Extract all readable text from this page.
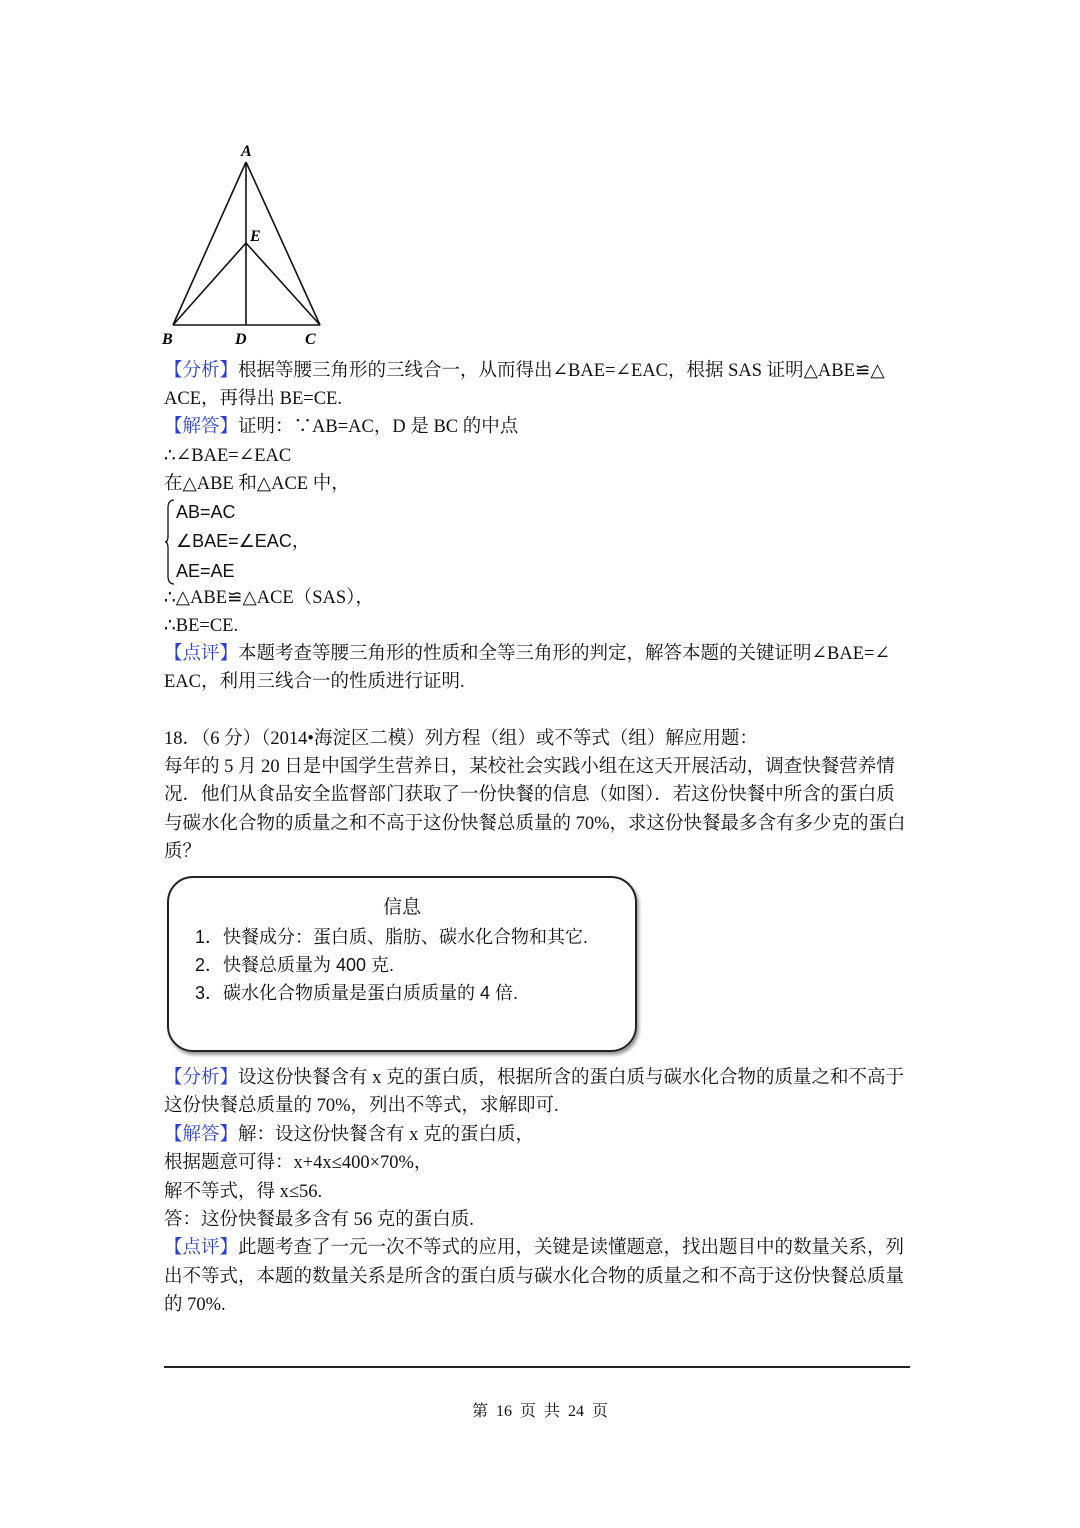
A
E
B	D	C
【分析】根据等腰三角形的三线合一，从而得出∠BAE=∠EAC，根据 SAS 证明△ABE≌△
ACE，再得出 BE=CE.
【解答】证明：∵AB=AC，D 是 BC 的中点
∴∠BAE=∠EAC
在△ABE 和△ACE 中，
AB=AC
∠BAE=∠EAC，
AE=AE
∴△ABE≌△ACE（SAS），
∴BE=CE.
【点评】本题考查等腰三角形的性质和全等三角形的判定，解答本题的关键证明∠BAE=∠
EAC，利用三线合一的性质进行证明.
18．（6 分）（2014•海淀区二模）列方程（组）或不等式（组）解应用题：
每年的 5 月 20 日是中国学生营养日，某校社会实践小组在这天开展活动，调查快餐营养情
况．他们从食品安全监督部门获取了一份快餐的信息（如图）．若这份快餐中所含的蛋白质
与碳水化合物的质量之和不高于这份快餐总质量的 70%，求这份快餐最多含有多少克的蛋白
质？
信息
1．快餐成分：蛋白质、脂肪、碳水化合物和其它.
2．快餐总质量为 400 克.
3．碳水化合物质量是蛋白质质量的 4 倍.
【分析】设这份快餐含有 x 克的蛋白质，根据所含的蛋白质与碳水化合物的质量之和不高于
这份快餐总质量的 70%，列出不等式，求解即可.
【解答】解：设这份快餐含有 x 克的蛋白质，
根据题意可得：x+4x≤400×70%，
解不等式，得 x≤56.
答：这份快餐最多含有 56 克的蛋白质.
【点评】此题考查了一元一次不等式的应用，关键是读懂题意，找出题目中的数量关系，列
出不等式，本题的数量关系是所含的蛋白质与碳水化合物的质量之和不高于这份快餐总质量
的 70%.
第 16 页 共 24 页
